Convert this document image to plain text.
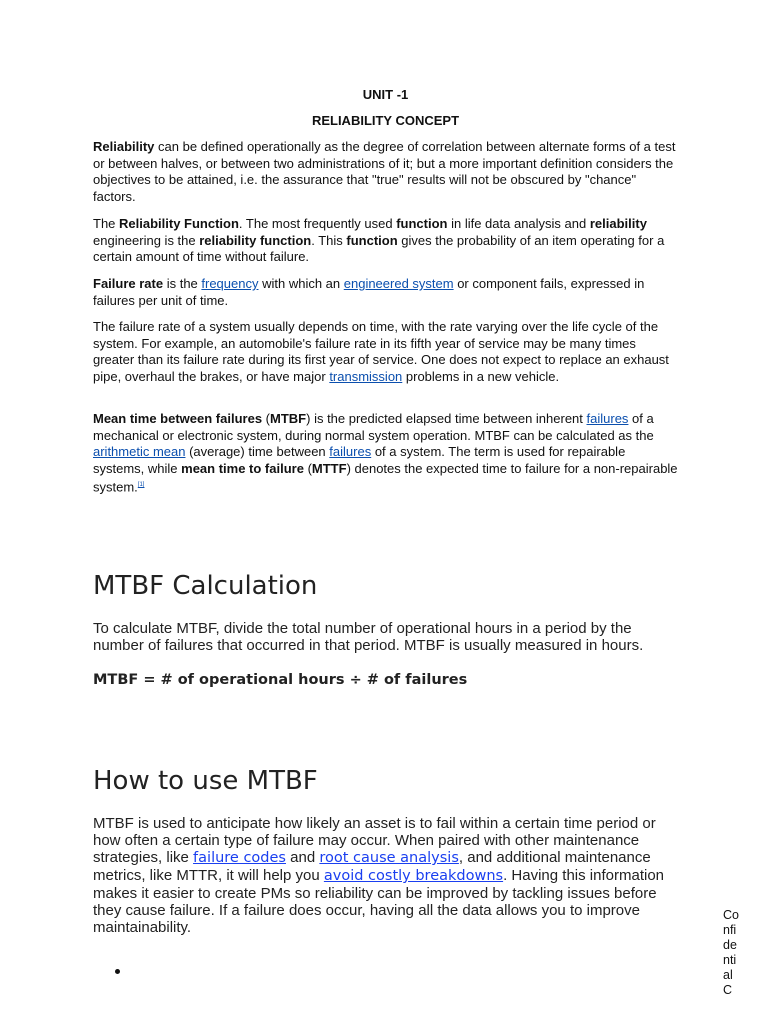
UNIT -1
RELIABILITY CONCEPT

Reliability can be defined operationally as the degree of correlation between alternate forms of a test or between halves, or between two administrations of it; but a more important definition considers the objectives to be attained, i.e. the assurance that "true" results will not be obscured by "chance" factors.

The Reliability Function. The most frequently used function in life data analysis and reliability engineering is the reliability function. This function gives the probability of an item operating for a certain amount of time without failure.

Failure rate is the frequency with which an engineered system or component fails, expressed in failures per unit of time.

The failure rate of a system usually depends on time, with the rate varying over the life cycle of the system. For example, an automobile's failure rate in its fifth year of service may be many times greater than its failure rate during its first year of service. One does not expect to replace an exhaust pipe, overhaul the brakes, or have major transmission problems in a new vehicle.

Mean time between failures (MTBF) is the predicted elapsed time between inherent failures of a mechanical or electronic system, during normal system operation. MTBF can be calculated as the arithmetic mean (average) time between failures of a system. The term is used for repairable systems, while mean time to failure (MTTF) denotes the expected time to failure for a non-repairable system.[1]

MTBF Calculation

To calculate MTBF, divide the total number of operational hours in a period by the number of failures that occurred in that period. MTBF is usually measured in hours.

MTBF = # of operational hours ÷ # of failures

How to use MTBF

MTBF is used to anticipate how likely an asset is to fail within a certain time period or how often a certain type of failure may occur. When paired with other maintenance strategies, like failure codes and root cause analysis, and additional maintenance metrics, like MTTR, it will help you avoid costly breakdowns. Having this information makes it easier to create PMs so reliability can be improved by tackling issues before they cause failure. If a failure does occur, having all the data allows you to improve maintainability.

Co nfi de nti al C
